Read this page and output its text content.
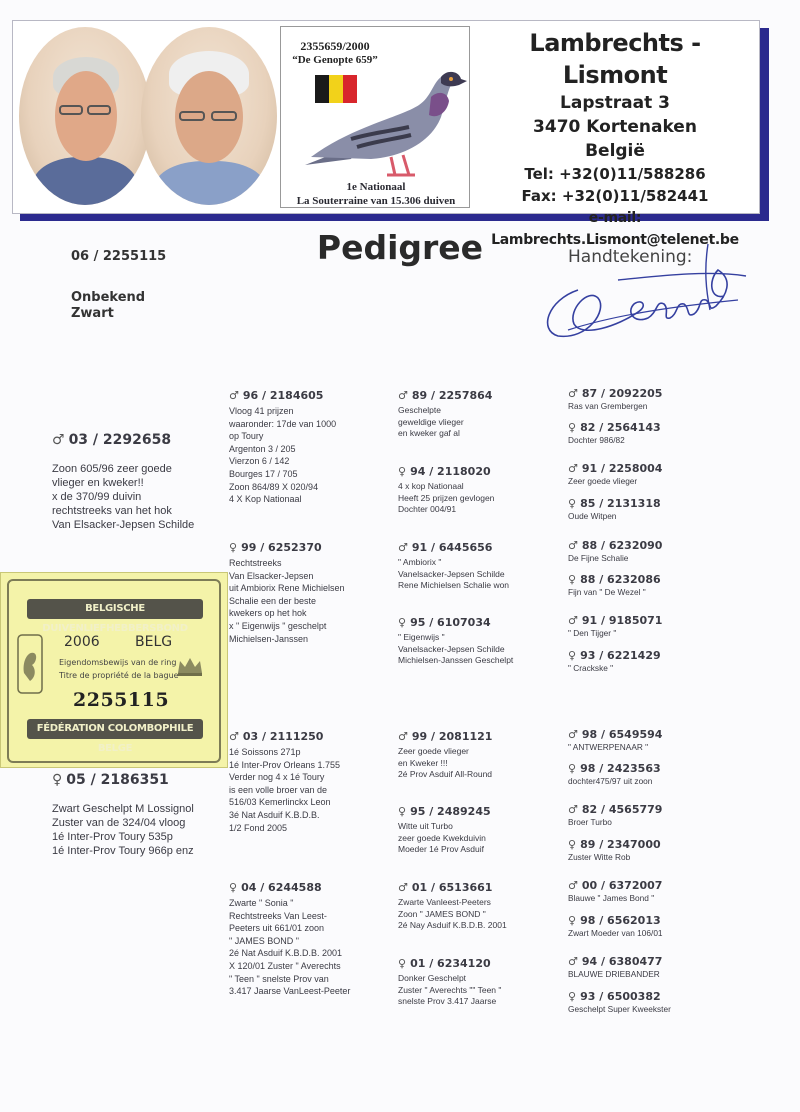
2355659/2000
“De Genopte 659”
1e Nationaal
La Souterraine van 15.306 duiven
Lambrechts - Lismont
Lapstraat 3
3470 Kortenaken
België
Tel: +32(0)11/588286
Fax: +32(0)11/582441
e-mail: Lambrechts.Lismont@telenet.be
Pedigree	Handtekening:
06 / 2255115
Onbekend
Zwart
♂ 03 / 2292658
Zoon 605/96 zeer goede
vlieger en kweker!!
x de 370/99 duivin
rechtstreeks van het hok
Van Elsacker-Jepsen Schilde
♀ 05 / 2186351
Zwart Geschelpt M Lossignol
Zuster van de 324/04 vloog
1é Inter-Prov Toury 535p
1é Inter-Prov Toury 966p enz
♂ 96 / 2184605
Vloog 41 prijzen
waaronder: 17de van 1000
op Toury
Argenton 3 / 205
Vierzon 6 / 142
Bourges 17 / 705
Zoon 864/89 X 020/94
4 X Kop Nationaal
♀ 99 / 6252370
Rechtstreeks
Van Elsacker-Jepsen
uit Ambiorix Rene Michielsen
Schalie een der beste
kwekers op het hok
x " Eigenwijs " geschelpt
Michielsen-Janssen
♂ 03 / 2111250
1é Soissons 271p
1é Inter-Prov Orleans 1.755
Verder nog 4 x 1é Toury
is een volle broer van de
516/03 Kemerlinckx Leon
3é Nat Asduif K.B.D.B.
1/2 Fond 2005
♀ 04 / 6244588
Zwarte " Sonia "
Rechtstreeks Van Leest-
Peeters uit 661/01 zoon
" JAMES BOND "
2é Nat Asduif K.B.D.B. 2001
X 120/01 Zuster " Averechts
" Teen " snelste Prov van
3.417 Jaarse VanLeest-Peeter
♂ 89 / 2257864
Geschelpte
geweldige vlieger
en kweker gaf al
♀ 94 / 2118020
4 x kop Nationaal
Heeft 25 prijzen gevlogen
Dochter 004/91
♂ 91 / 6445656
" Ambiorix "
Vanelsacker-Jepsen Schilde
Rene Michielsen Schalie won
♀ 95 / 6107034
" Eigenwijs "
Vanelsacker-Jepsen Schilde
Michielsen-Janssen Geschelpt
♂ 99 / 2081121
Zeer goede vlieger
en Kweker !!!
2é Prov Asduif All-Round
♀ 95 / 2489245
Witte uit Turbo
zeer goede Kwekduivin
Moeder 1é Prov Asduif
♂ 01 / 6513661
Zwarte Vanleest-Peeters
Zoon " JAMES BOND "
2é Nay Asduif K.B.D.B. 2001
♀ 01 / 6234120
Donker Geschelpt
Zuster " Averechts "" Teen "
snelste Prov 3.417 Jaarse
♂ 87 / 2092205
Ras van Grembergen
♀ 82 / 2564143
Dochter 986/82
♂ 91 / 2258004
Zeer goede vlieger
♀ 85 / 2131318
Oude Witpen
♂ 88 / 6232090
De Fijne Schalie
♀ 88 / 6232086
Fijn van " De Wezel "
♂ 91 / 9185071
" Den Tijger "
♀ 93 / 6221429
" Crackske "
♂ 98 / 6549594
" ANTWERPENAAR "
♀ 98 / 2423563
dochter475/97 uit zoon
♂ 82 / 4565779
Broer Turbo
♀ 89 / 2347000
Zuster Witte Rob
♂ 00 / 6372007
Blauwe " James Bond "
♀ 98 / 6562013
Zwart Moeder van 106/01
♂ 94 / 6380477
BLAUWE DRIEBANDER
♀ 93 / 6500382
Geschelpt Super Kweekster
BELGISCHE DUIVENLIEFHEBBERSBOND
2006	BELG
Eigendomsbewijs van de ring
Titre de propriété de la bague
2255115
FÉDÉRATION COLOMBOPHILE BELGE
